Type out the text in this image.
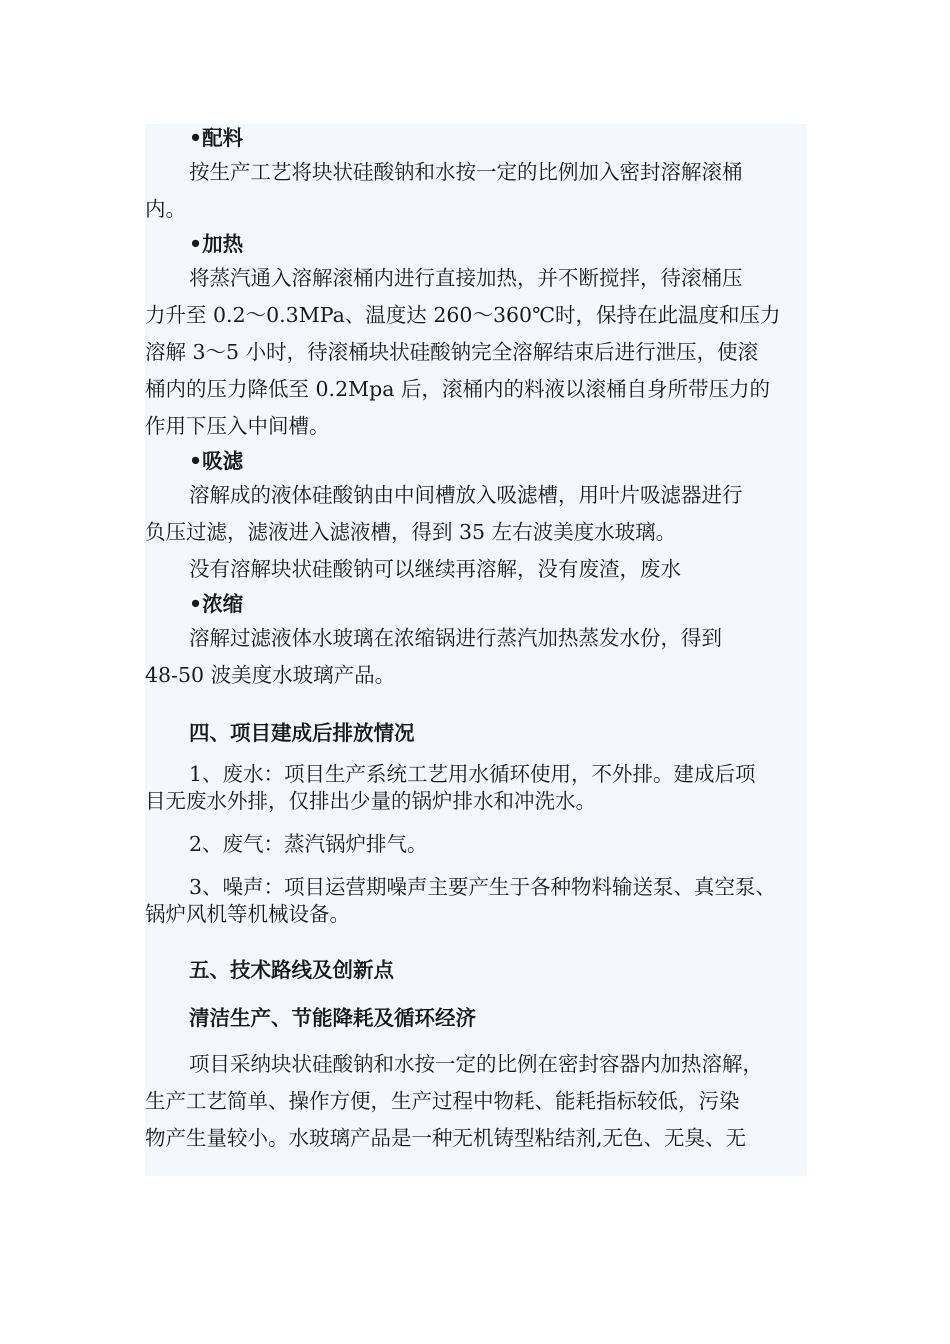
•配料
按生产工艺将块状硅酸钠和水按一定的比例加入密封溶解滚桶
内。
•加热
将蒸汽通入溶解滚桶内进行直接加热，并不断搅拌，待滚桶压
力升至 0.2～0.3MPa、温度达 260～360℃时，保持在此温度和压力
溶解 3～5 小时，待滚桶块状硅酸钠完全溶解结束后进行泄压，使滚
桶内的压力降低至 0.2Mpa 后，滚桶内的料液以滚桶自身所带压力的
作用下压入中间槽。
•吸滤
溶解成的液体硅酸钠由中间槽放入吸滤槽，用叶片吸滤器进行
负压过滤，滤液进入滤液槽，得到 35 左右波美度水玻璃。
没有溶解块状硅酸钠可以继续再溶解，没有废渣，废水
•浓缩
溶解过滤液体水玻璃在浓缩锅进行蒸汽加热蒸发水份，得到
48-50 波美度水玻璃产品。
四、项目建成后排放情况
1、废水：项目生产系统工艺用水循环使用，不外排。建成后项
目无废水外排，仅排出少量的锅炉排水和冲洗水。
2、废气：蒸汽锅炉排气。
3、噪声：项目运营期噪声主要产生于各种物料输送泵、真空泵、
锅炉风机等机械设备。
五、技术路线及创新点
清洁生产、节能降耗及循环经济
项目采纳块状硅酸钠和水按一定的比例在密封容器内加热溶解，
生产工艺简单、操作方便，生产过程中物耗、能耗指标较低，污染
物产生量较小。水玻璃产品是一种无机铸型粘结剂,无色、无臭、无
